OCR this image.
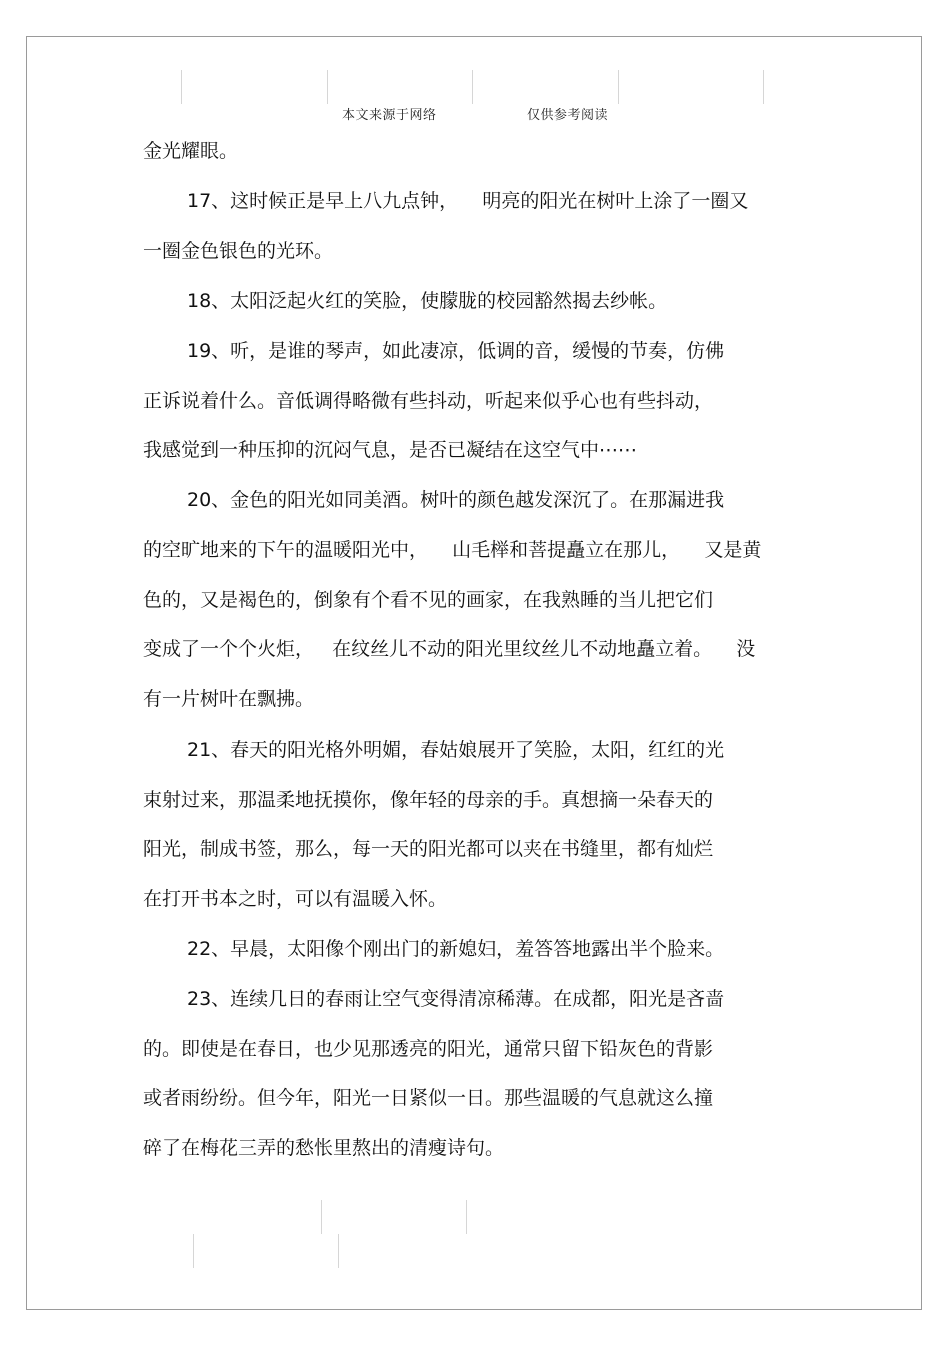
本文来源于网络    仅供参考阅读
金光耀眼。
17、这时候正是早上八九点钟，    明亮的阳光在树叶上涂了一圈又
一圈金色银色的光环。
18、太阳泛起火红的笑脸，使朦胧的校园豁然揭去纱帐。
19、听，是谁的琴声，如此凄凉，低调的音，缓慢的节奏，仿佛
正诉说着什么。音低调得略微有些抖动，听起来似乎心也有些抖动，
我感觉到一种压抑的沉闷气息，是否已凝结在这空气中⋯⋯
20、金色的阳光如同美酒。树叶的颜色越发深沉了。在那漏进我
的空旷地来的下午的温暖阳光中，    山毛榉和菩提矗立在那儿，    又是黄
色的，又是褐色的，倒象有个看不见的画家，在我熟睡的当儿把它们
变成了一个个火炬，   在纹丝儿不动的阳光里纹丝儿不动地矗立着。    没
有一片树叶在飘拂。
21、春天的阳光格外明媚，春姑娘展开了笑脸，太阳，红红的光
束射过来，那温柔地抚摸你，像年轻的母亲的手。真想摘一朵春天的
阳光，制成书签，那么，每一天的阳光都可以夹在书缝里，都有灿烂
在打开书本之时，可以有温暖入怀。
22、早晨，太阳像个刚出门的新媳妇，羞答答地露出半个脸来。
23、连续几日的春雨让空气变得清凉稀薄。在成都，阳光是吝啬
的。即使是在春日，也少见那透亮的阳光，通常只留下铅灰色的背影
或者雨纷纷。但今年，阳光一日紧似一日。那些温暖的气息就这么撞
碎了在梅花三弄的愁怅里熬出的清瘦诗句。
